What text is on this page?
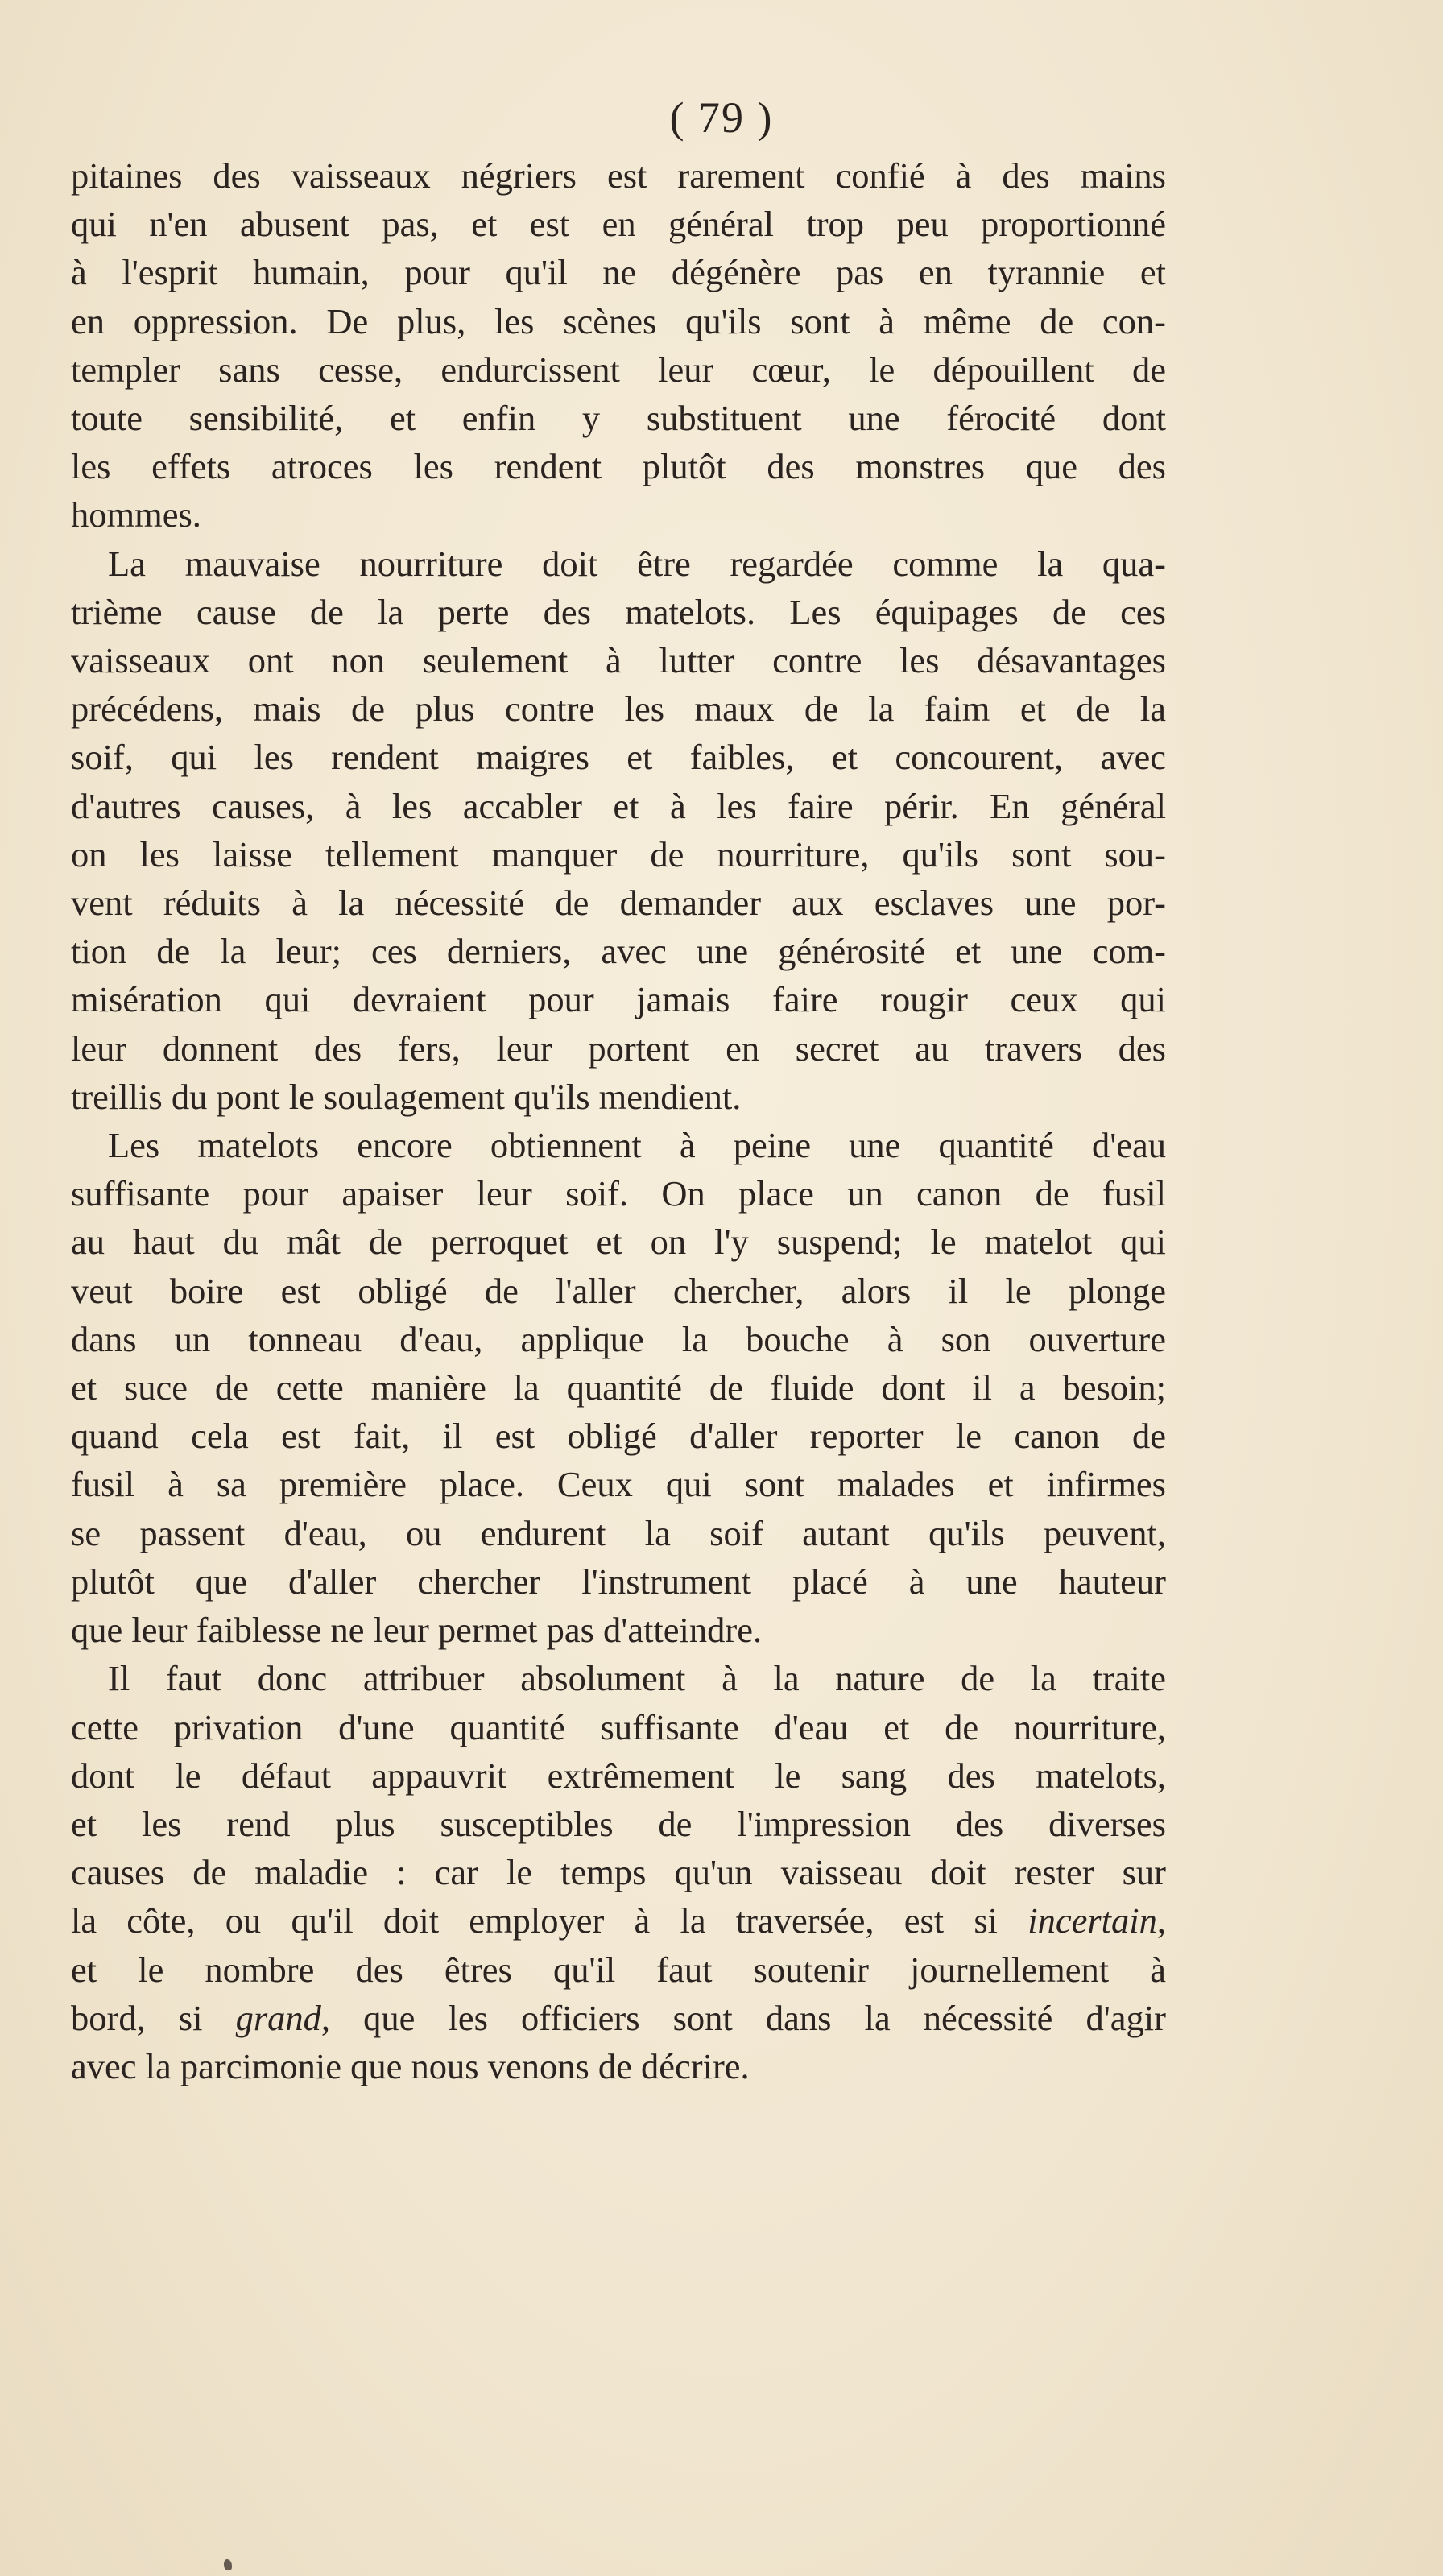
( 79 )

pitaines des vaisseaux négriers est rarement confié à des mains

qui n'en abusent pas, et est en général trop peu proportionné

à l'esprit humain, pour qu'il ne dégénère pas en tyrannie et

en oppression. De plus, les scènes qu'ils sont à même de con-

templer sans cesse, endurcissent leur cœur, le dépouillent de

toute sensibilité, et enfin y substituent une férocité dont

les effets atroces les rendent plutôt des monstres que des

hommes.

La mauvaise nourriture doit être regardée comme la qua-

trième cause de la perte des matelots. Les équipages de ces

vaisseaux ont non seulement à lutter contre les désavantages

précédens, mais de plus contre les maux de la faim et de la

soif, qui les rendent maigres et faibles, et concourent, avec

d'autres causes, à les accabler et à les faire périr. En général

on les laisse tellement manquer de nourriture, qu'ils sont sou-

vent réduits à la nécessité de demander aux esclaves une por-

tion de la leur; ces derniers, avec une générosité et une com-

misération qui devraient pour jamais faire rougir ceux qui

leur donnent des fers, leur portent en secret au travers des

treillis du pont le soulagement qu'ils mendient.

Les matelots encore obtiennent à peine une quantité d'eau

suffisante pour apaiser leur soif. On place un canon de fusil

au haut du mât de perroquet et on l'y suspend; le matelot qui

veut boire est obligé de l'aller chercher, alors il le plonge

dans un tonneau d'eau, applique la bouche à son ouverture

et suce de cette manière la quantité de fluide dont il a besoin;

quand cela est fait, il est obligé d'aller reporter le canon de

fusil à sa première place. Ceux qui sont malades et infirmes

se passent d'eau, ou endurent la soif autant qu'ils peuvent,

plutôt que d'aller chercher l'instrument placé à une hauteur

que leur faiblesse ne leur permet pas d'atteindre.

Il faut donc attribuer absolument à la nature de la traite

cette privation d'une quantité suffisante d'eau et de nourriture,

dont le défaut appauvrit extrêmement le sang des matelots,

et les rend plus susceptibles de l'impression des diverses

causes de maladie : car le temps qu'un vaisseau doit rester sur

la côte, ou qu'il doit employer à la traversée, est si incertain,

et le nombre des êtres qu'il faut soutenir journellement à

bord, si grand, que les officiers sont dans la nécessité d'agir

avec la parcimonie que nous venons de décrire.
